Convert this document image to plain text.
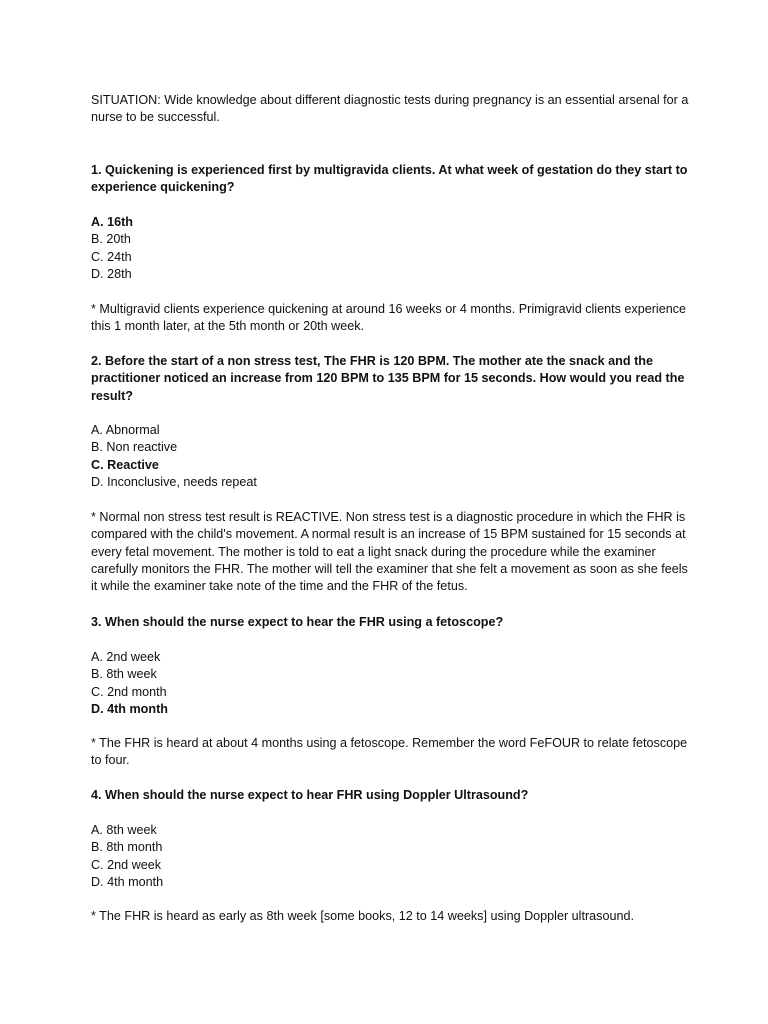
SITUATION: Wide knowledge about different diagnostic tests during pregnancy is an essential arsenal for a nurse to be successful.

1. Quickening is experienced first by multigravida clients. At what week of gestation do they start to experience quickening?

A. 16th
B. 20th
C. 24th
D. 28th

* Multigravid clients experience quickening at around 16 weeks or 4 months. Primigravid clients experience this 1 month later, at the 5th month or 20th week.

2. Before the start of a non stress test, The FHR is 120 BPM. The mother ate the snack and the practitioner noticed an increase from 120 BPM to 135 BPM for 15 seconds. How would you read the result?

A. Abnormal
B. Non reactive
C. Reactive
D. Inconclusive, needs repeat

* Normal non stress test result is REACTIVE. Non stress test is a diagnostic procedure in which the FHR is compared with the child's movement. A normal result is an increase of 15 BPM sustained for 15 seconds at every fetal movement. The mother is told to eat a light snack during the procedure while the examiner carefully monitors the FHR. The mother will tell the examiner that she felt a movement as soon as she feels it while the examiner take note of the time and the FHR of the fetus.

3. When should the nurse expect to hear the FHR using a fetoscope?

A. 2nd week
B. 8th week
C. 2nd month
D. 4th month

* The FHR is heard at about 4 months using a fetoscope. Remember the word FeFOUR to relate fetoscope to four.

4. When should the nurse expect to hear FHR using Doppler Ultrasound?

A. 8th week
B. 8th month
C. 2nd week
D. 4th month

* The FHR is heard as early as 8th week [some books, 12 to 14 weeks] using Doppler ultrasound.
